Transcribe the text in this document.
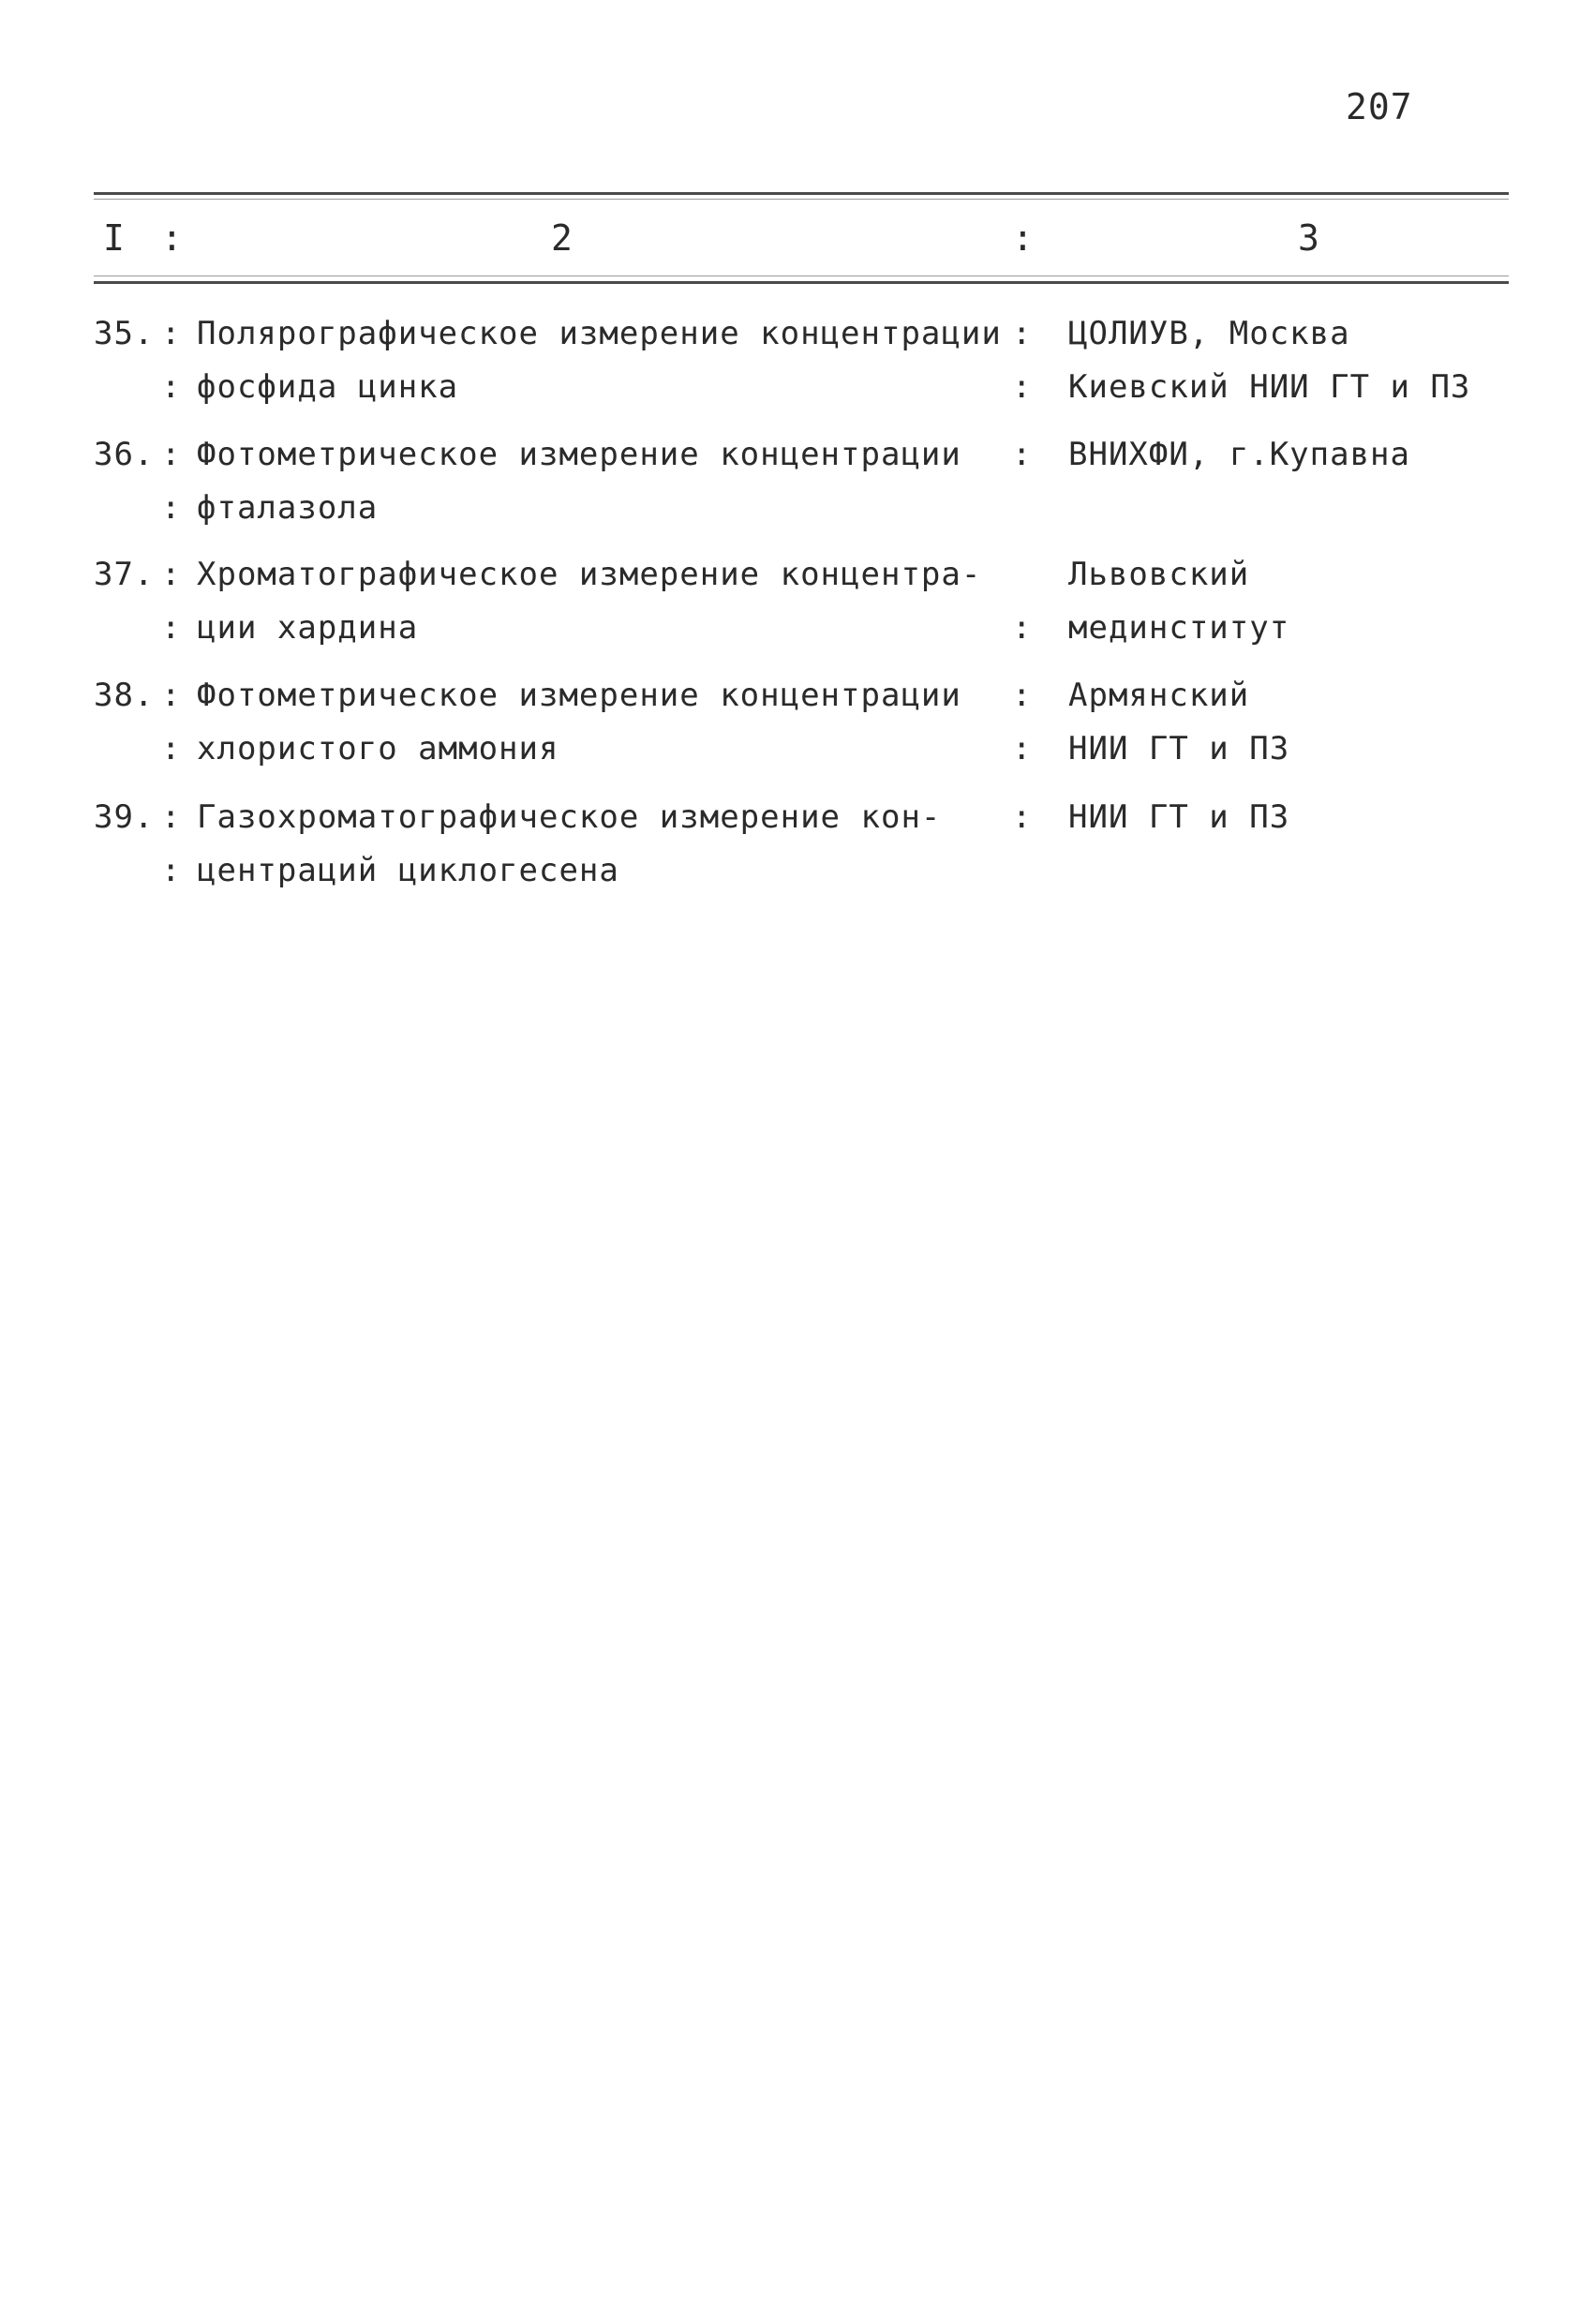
207
I :	2	:	3
35. : Полярографическое измерение концентрации : ЦОЛИУВ, Москва
: фосфида цинка	: Киевский НИИ ГТ и ПЗ
36. : Фотометрическое измерение концентрации : ВНИХФИ, г.Купавна
: фталазола
37. : Хроматографическое измерение концентра-	Львовский
: ции хардина	: мединститут
38. : Фотометрическое измерение концентрации : Армянский
: хлористого аммония	: НИИ ГТ и ПЗ
39. : Газохроматографическое измерение кон- : НИИ ГТ и ПЗ
: центраций циклогесена
